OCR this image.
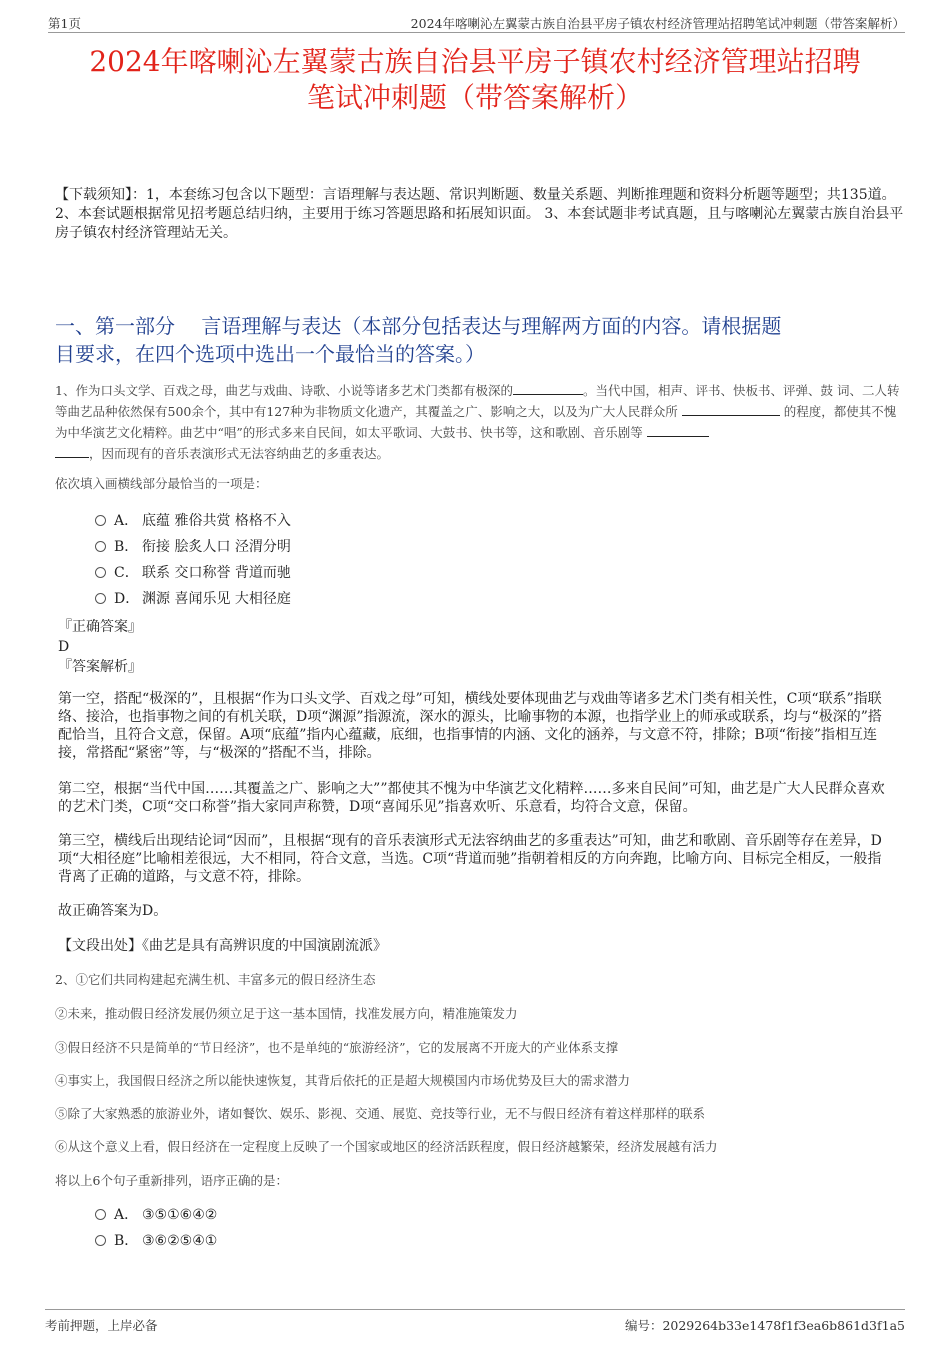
第1页	2024年喀喇沁左翼蒙古族自治县平房子镇农村经济管理站招聘笔试冲刺题（带答案解析）
2024年喀喇沁左翼蒙古族自治县平房子镇农村经济管理站招聘
笔试冲刺题（带答案解析）
【下载须知】：1，本套练习包含以下题型：言语理解与表达题、常识判断题、数量关系题、判断推理题和资料分析题等题型；共135道。 2、本套试题根据常见招考题总结归纳，主要用于练习答题思路和拓展知识面。 3、本套试题非考试真题，且与喀喇沁左翼蒙古族自治县平房子镇农村经济管理站无关。
一、第一部分　 言语理解与表达（本部分包括表达与理解两方面的内容。请根据题
目要求，在四个选项中选出一个最恰当的答案。）
1、作为口头文学、百戏之母，曲艺与戏曲、诗歌、小说等诸多艺术门类都有极深的	。当代中国，相声、评书、快板书、评弹、鼓 词、二人转等曲艺品种依然保有500余个，其中有127种为非物质文化遗产，其覆盖之广、影响之大，以及为广大人民群众所	的程度，都使其不愧为中华演艺文化精粹。曲艺中“唱”的形式多来自民间，如太平歌词、大鼓书、快书等，这和歌剧、音乐剧等
，因而现有的音乐表演形式无法容纳曲艺的多重表达。
依次填入画横线部分最恰当的一项是：
A． 底蕴 雅俗共赏 格格不入
B． 衔接 脍炙人口 泾渭分明
C． 联系 交口称誉 背道而驰
D． 渊源 喜闻乐见 大相径庭
『正确答案』
D
『答案解析』
第一空，搭配“极深的”，且根据“作为口头文学、百戏之母”可知，横线处要体现曲艺与戏曲等诸多艺术门类有相关性，C项“联系”指联络、接洽，也指事物之间的有机关联，D项“渊源”指源流，深水的源头，比喻事物的本源，也指学业上的师承或联系，均与“极深的”搭配恰当，且符合文意，保留。A项“底蕴”指内心蕴藏，底细，也指事情的内涵、文化的涵养，与文意不符，排除；B项“衔接”指相互连接，常搭配“紧密”等，与“极深的”搭配不当，排除。
第二空，根据“当代中国……其覆盖之广、影响之大””都使其不愧为中华演艺文化精粹……多来自民间”可知，曲艺是广大人民群众喜欢的艺术门类，C项“交口称誉”指大家同声称赞，D项“喜闻乐见”指喜欢听、乐意看，均符合文意，保留。
第三空，横线后出现结论词“因而”，且根据“现有的音乐表演形式无法容纳曲艺的多重表达”可知，曲艺和歌剧、音乐剧等存在差异，D项“大相径庭”比喻相差很远，大不相同，符合文意，当选。C项“背道而驰”指朝着相反的方向奔跑，比喻方向、目标完全相反，一般指背离了正确的道路，与文意不符，排除。
故正确答案为D。
【文段出处】《曲艺是具有高辨识度的中国演剧流派》
2、①它们共同构建起充满生机、丰富多元的假日经济生态
②未来，推动假日经济发展仍须立足于这一基本国情，找准发展方向，精准施策发力
③假日经济不只是简单的“节日经济”，也不是单纯的“旅游经济”，它的发展离不开庞大的产业体系支撑
④事实上，我国假日经济之所以能快速恢复，其背后依托的正是超大规模国内市场优势及巨大的需求潜力
⑤除了大家熟悉的旅游业外，诸如餐饮、娱乐、影视、交通、展览、竞技等行业，无不与假日经济有着这样那样的联系
⑥从这个意义上看，假日经济在一定程度上反映了一个国家或地区的经济活跃程度，假日经济越繁荣，经济发展越有活力
将以上6个句子重新排列，语序正确的是：
A． ③⑤①⑥④②
B． ③⑥②⑤④①
考前押题，上岸必备	编号：2029264b33e1478f1f3ea6b861d3f1a5
